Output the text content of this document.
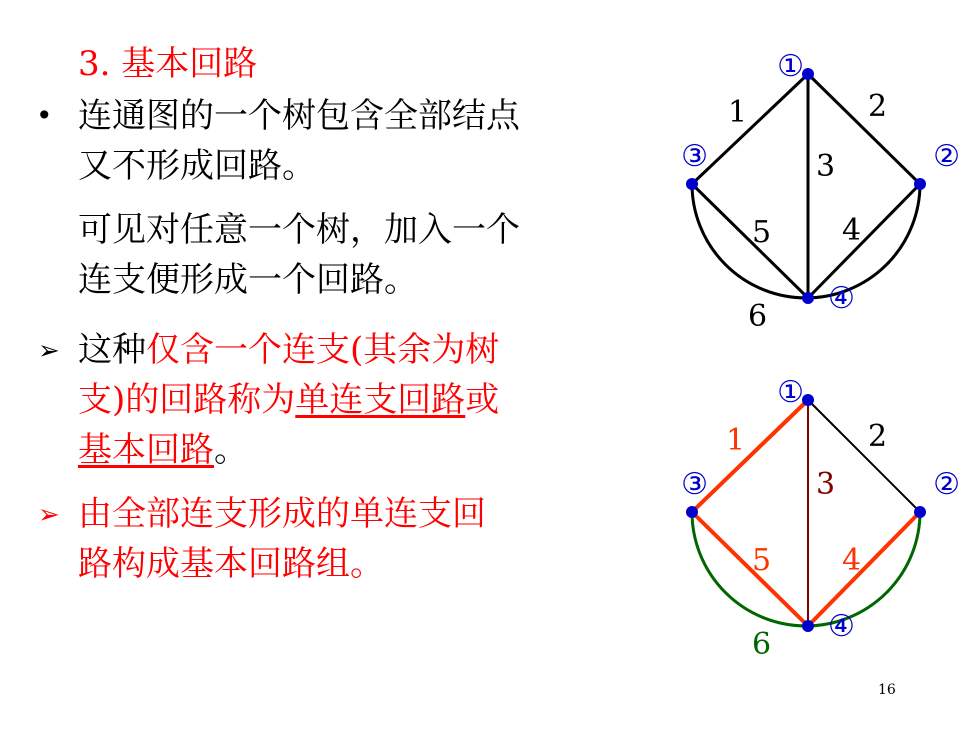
3. 基本回路
• 连通图的一个树包含全部结点
又不形成回路。
可见对任意一个树，加入一个
连支便形成一个回路。
➢ 这种仅含一个连支(其余为树
支)的回路称为单连支回路或
基本回路。
➢ 由全部连支形成的单连支回
路构成基本回路组。
①
②
③
④
1	2
3
4
5
6
①
②
③
④
1	2
3
4
5
6
16
